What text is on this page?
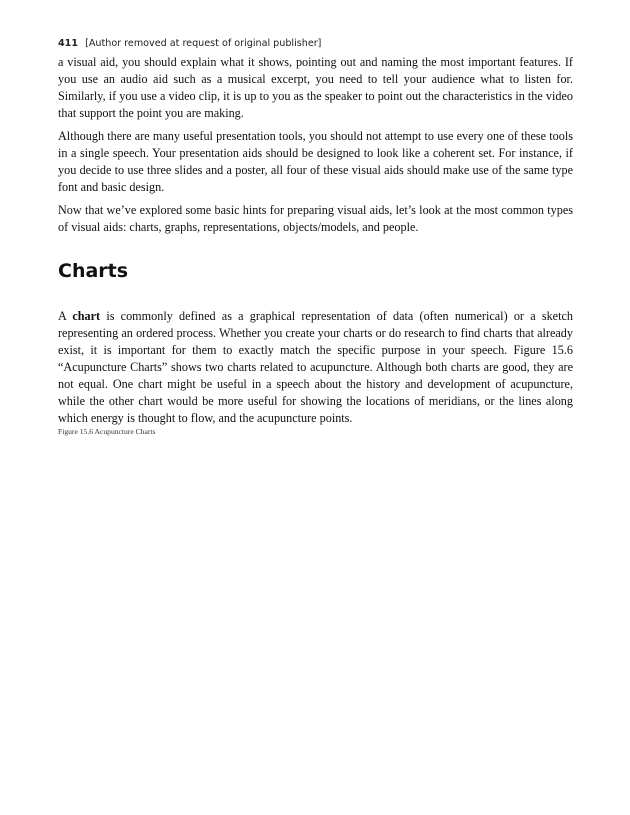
411 [Author removed at request of original publisher]

a visual aid, you should explain what it shows, pointing out and naming the most important features. If you use an audio aid such as a musical excerpt, you need to tell your audience what to listen for. Similarly, if you use a video clip, it is up to you as the speaker to point out the characteristics in the video that support the point you are making.

Although there are many useful presentation tools, you should not attempt to use every one of these tools in a single speech. Your presentation aids should be designed to look like a coherent set. For instance, if you decide to use three slides and a poster, all four of these visual aids should make use of the same type font and basic design.

Now that we’ve explored some basic hints for preparing visual aids, let’s look at the most common types of visual aids: charts, graphs, representations, objects/models, and people.

Charts

A chart is commonly defined as a graphical representation of data (often numerical) or a sketch representing an ordered process. Whether you create your charts or do research to find charts that already exist, it is important for them to exactly match the specific purpose in your speech. Figure 15.6 “Acupuncture Charts” shows two charts related to acupuncture. Although both charts are good, they are not equal. One chart might be useful in a speech about the history and development of acupuncture, while the other chart would be more useful for showing the locations of meridians, or the lines along which energy is thought to flow, and the acupuncture points.

Figure 15.6 Acupuncture Charts
